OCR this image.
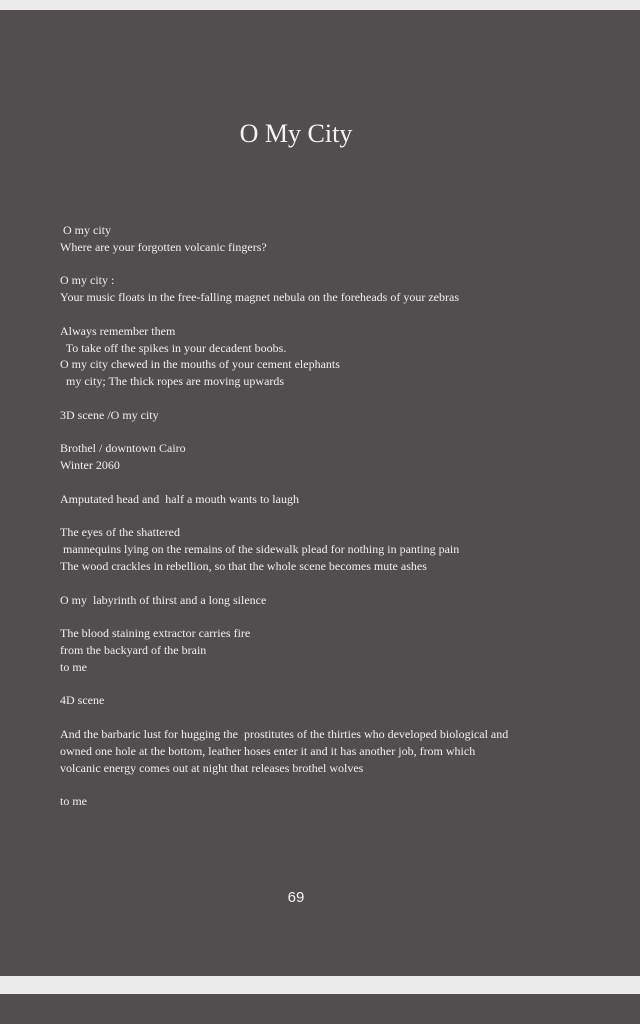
O My City
O my city
Where are your forgotten volcanic fingers?
O my city :
Your music floats in the free-falling magnet nebula on the foreheads of your zebras
Always remember them
To take off the spikes in your decadent boobs.
O my city chewed in the mouths of your cement elephants
my city; The thick ropes are moving upwards
3D scene /O my city
Brothel / downtown Cairo
Winter 2060
Amputated head and  half a mouth wants to laugh
The eyes of the shattered
mannequins lying on the remains of the sidewalk plead for nothing in panting pain
The wood crackles in rebellion, so that the whole scene becomes mute ashes
O my  labyrinth of thirst and a long silence
The blood staining extractor carries fire
from the backyard of the brain
to me
4D scene
And the barbaric lust for hugging the  prostitutes of the thirties who developed biological and
owned one hole at the bottom, leather hoses enter it and it has another job, from which
volcanic energy comes out at night that releases brothel wolves
to me
69
